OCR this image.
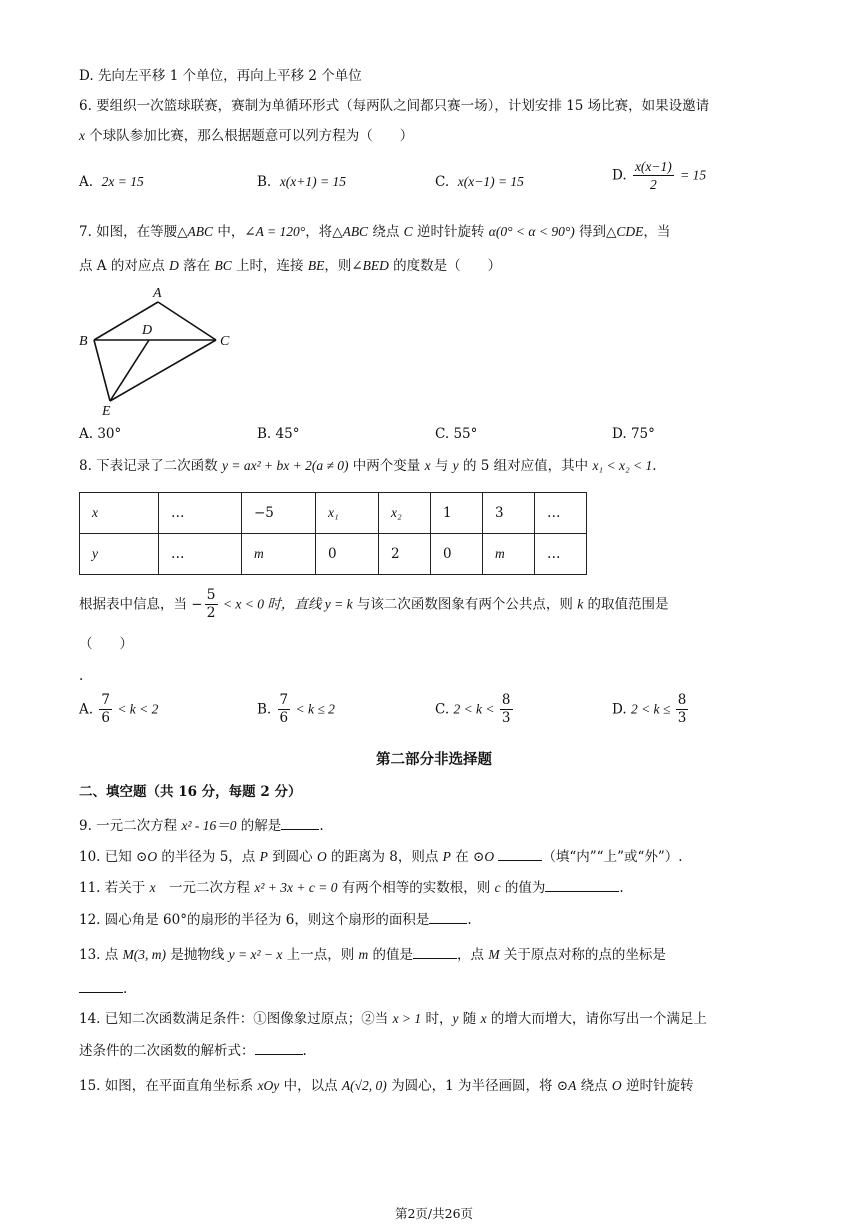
D. 先向左平移 1 个单位，再向上平移 2 个单位
6. 要组织一次篮球联赛，赛制为单循环形式（每两队之间都只赛一场），计划安排 15 场比赛，如果设邀请
x 个球队参加比赛，那么根据题意可以列方程为（　　）
A. 2x = 15	B. x(x+1) = 15	C. x(x−1) = 15	D. $\frac{x(x-1)}{2} = 15$
7. 如图，在等腰△ABC 中，∠A = 120°，将△ABC 绕点 C 逆时针旋转 α(0° < α < 90°) 得到△CDE，当
点 A 的对应点 D 落在 BC 上时，连接 BE，则∠BED 的度数是（　　）
A
B
D
C
E
A. 30°	B. 45°	C. 55°	D. 75°
8. 下表记录了二次函数 y = ax² + bx + 2(a ≠ 0) 中两个变量 x 与 y 的 5 组对应值，其中 x₁ < x₂ < 1.
x	…	−5	x₁	x₂	1	3	…
y	…	m	0	2	0	m	…
根据表中信息，当 − $\frac{5}{2} < x < 0$ 时，直线 y = k 与该二次函数图象有两个公共点，则 k 的取值范围是
（　　）
.
A. $\frac{7}{6} < k < 2$	B. $\frac{7}{6} < k \le 2$	C. $2 < k < \frac{8}{3}$	D. $2 < k \le \frac{8}{3}$
第二部分非选择题
二、填空题（共 16 分，每题 2 分）
9. 一元二次方程 x² - 16＝0 的解是	.
10. 已知 ⊙O 的半径为 5，点 P 到圆心 O 的距离为 8，则点 P 在 ⊙O	（填“内”“上”或“外”）.
11. 若关于 x　一元二次方程 x² + 3x + c = 0 有两个相等的实数根，则 c 的值为	.
12. 圆心角是 60°的扇形的半径为 6，则这个扇形的面积是	.
13. 点 M(3, m) 是抛物线 y = x² − x 上一点，则 m 的值是	，点 M 关于原点对称的点的坐标是
.
14. 已知二次函数满足条件：①图像象过原点；②当 x > 1 时，y 随 x 的增大而增大，请你写出一个满足上
述条件的二次函数的解析式：	.
15. 如图，在平面直角坐标系 xOy 中，以点 A(√2, 0) 为圆心，1 为半径画圆，将 ⊙A 绕点 O 逆时针旋转
第2页/共26页
